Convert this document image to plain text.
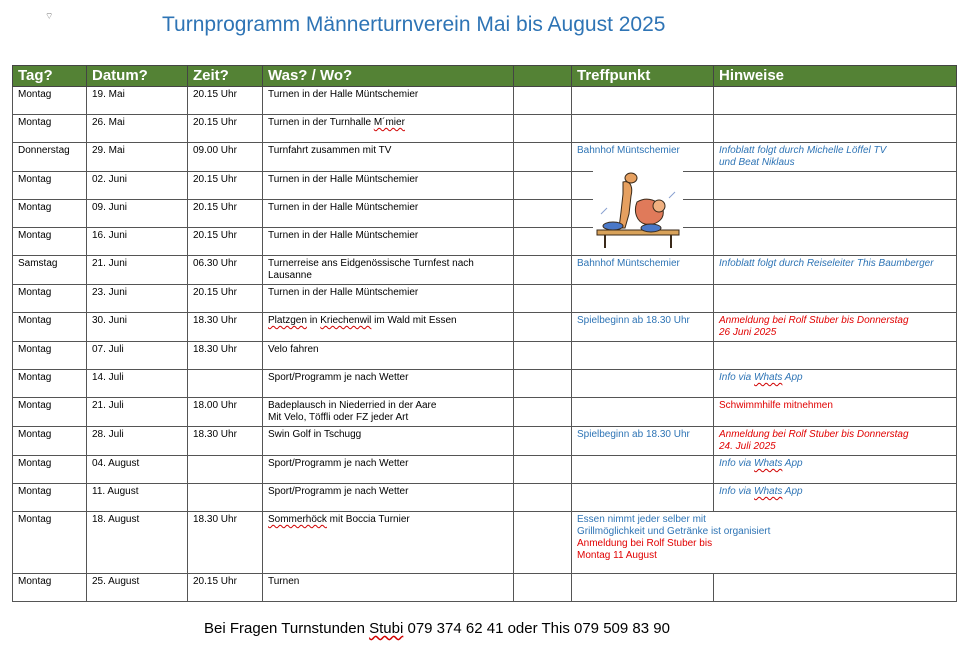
⌔	Turnprogramm Männerturnverein Mai bis August 2025
Tag?	Datum?	Zeit?	Was? / Wo?		Treffpunkt	Hinweise
Montag	19. Mai	20.15 Uhr	Turnen in der Halle Müntschemier			
Montag	26. Mai	20.15 Uhr	Turnen in der Turnhalle M´mier			
Donnerstag	29. Mai	09.00 Uhr	Turnfahrt zusammen mit TV		Bahnhof Müntschemier	Infoblatt folgt durch Michelle Löffel TV
und Beat Niklaus
Montag	02. Juni	20.15 Uhr	Turnen in der Halle Müntschemier			
Montag	09. Juni	20.15 Uhr	Turnen in der Halle Müntschemier			
Montag	16. Juni	20.15 Uhr	Turnen in der Halle Müntschemier			
Samstag	21. Juni	06.30 Uhr	Turnerreise ans Eidgenössische Turnfest nach
Lausanne		Bahnhof Müntschemier	Infoblatt folgt durch Reiseleiter This Baumberger
Montag	23. Juni	20.15 Uhr	Turnen in der Halle Müntschemier			
Montag	30. Juni	18.30 Uhr	Platzgen in Kriechenwil im Wald mit Essen		Spielbeginn ab 18.30 Uhr	Anmeldung bei Rolf Stuber bis Donnerstag
26 Juni 2025
Montag	07. Juli	18.30 Uhr	Velo fahren			
Montag	14. Juli		Sport/Programm je nach Wetter			Info via Whats App
Montag	21. Juli	18.00 Uhr	Badeplausch in Niederried in der Aare
Mit Velo, Töffli oder FZ jeder Art			Schwimmhilfe mitnehmen
Montag	28. Juli	18.30 Uhr	Swin Golf in Tschugg		Spielbeginn ab 18.30 Uhr	Anmeldung bei Rolf Stuber bis Donnerstag
24. Juli 2025
Montag	04. August		Sport/Programm je nach Wetter			Info via Whats App
Montag	11. August		Sport/Programm je nach Wetter			Info via Whats App
Montag	18. August	18.30 Uhr	Sommerhöck mit Boccia Turnier		Essen nimmt jeder selber mit
Grillmöglichkeit und Getränke ist organisiert
Anmeldung bei Rolf Stuber bis
Montag 11 August	
Montag	25. August	20.15 Uhr	Turnen			
Bei Fragen Turnstunden Stubi 079 374 62 41 oder This 079 509 83 90
